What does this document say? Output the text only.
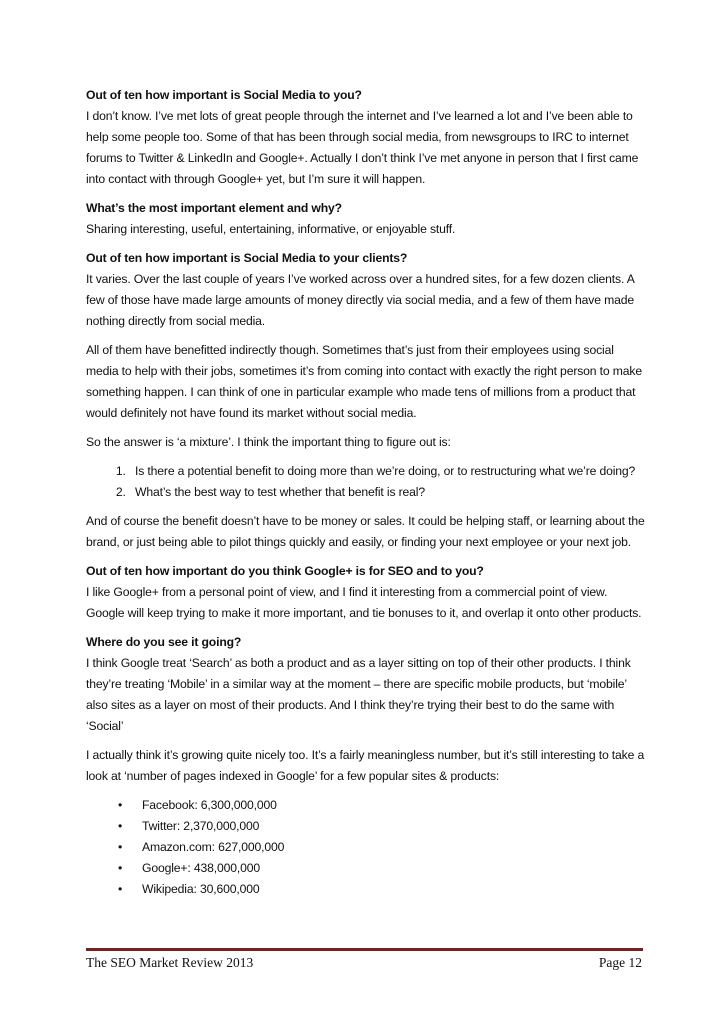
Out of ten how important is Social Media to you?
I don’t know. I’ve met lots of great people through the internet and I’ve learned a lot and I’ve been able to help some people too. Some of that has been through social media, from newsgroups to IRC to internet forums to Twitter & LinkedIn and Google+. Actually I don’t think I’ve met anyone in person that I first came into contact with through Google+ yet, but I’m sure it will happen.

What’s the most important element and why?
Sharing interesting, useful, entertaining, informative, or enjoyable stuff.

Out of ten how important is Social Media to your clients?
It varies. Over the last couple of years I’ve worked across over a hundred sites, for a few dozen clients. A few of those have made large amounts of money directly via social media, and a few of them have made nothing directly from social media.

All of them have benefitted indirectly though. Sometimes that’s just from their employees using social media to help with their jobs, sometimes it’s from coming into contact with exactly the right person to make something happen. I can think of one in particular example who made tens of millions from a product that would definitely not have found its market without social media.

So the answer is ‘a mixture’. I think the important thing to figure out is:

1. Is there a potential benefit to doing more than we’re doing, or to restructuring what we’re doing?
2. What’s the best way to test whether that benefit is real?

And of course the benefit doesn’t have to be money or sales. It could be helping staff, or learning about the brand, or just being able to pilot things quickly and easily, or finding your next employee or your next job.

Out of ten how important do you think Google+ is for SEO and to you?
I like Google+ from a personal point of view, and I find it interesting from a commercial point of view. Google will keep trying to make it more important, and tie bonuses to it, and overlap it onto other products.

Where do you see it going?
I think Google treat ‘Search’ as both a product and as a layer sitting on top of their other products. I think they’re treating ‘Mobile’ in a similar way at the moment – there are specific mobile products, but ‘mobile’ also sites as a layer on most of their products. And I think they’re trying their best to do the same with ‘Social’

I actually think it’s growing quite nicely too. It’s a fairly meaningless number, but it’s still interesting to take a look at ‘number of pages indexed in Google’ for a few popular sites & products:

• Facebook: 6,300,000,000
• Twitter: 2,370,000,000
• Amazon.com: 627,000,000
• Google+: 438,000,000
• Wikipedia: 30,600,000
The SEO Market Review 2013	Page 12
